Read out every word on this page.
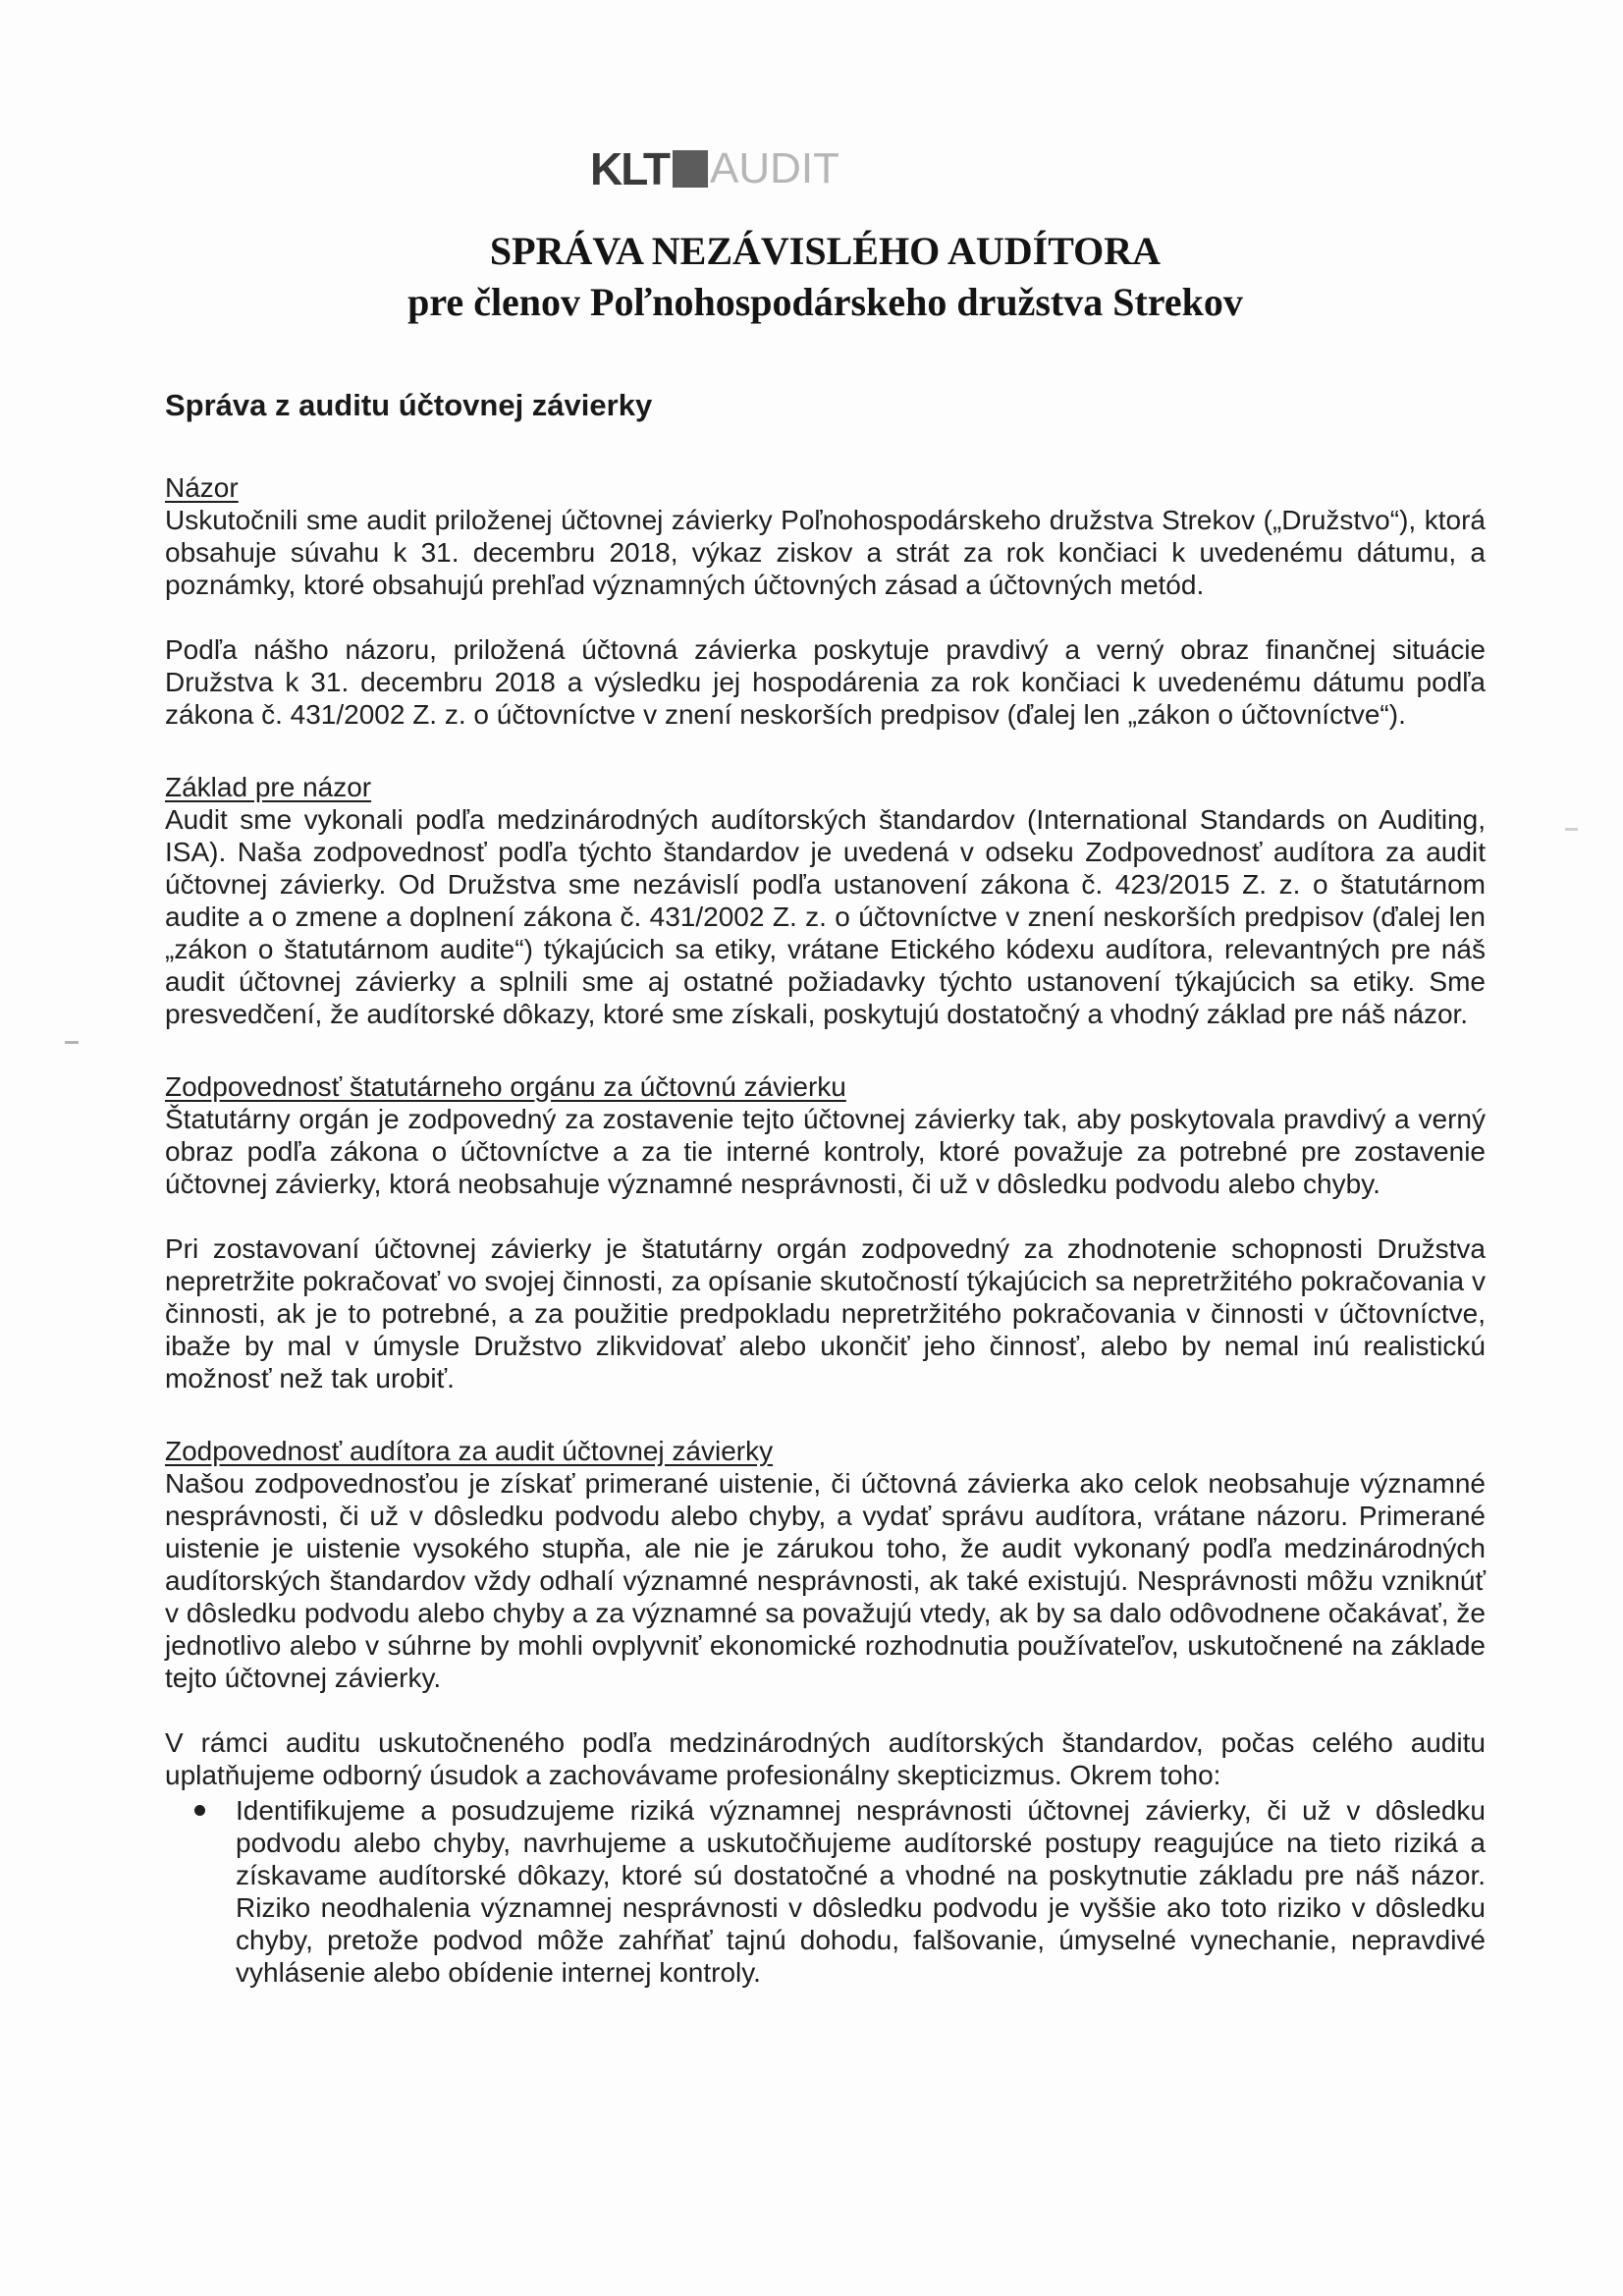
KLT AUDIT
SPRÁVA NEZÁVISLÉHO AUDÍTORA
pre členov Poľnohospodárskeho družstva Strekov
Správa z auditu účtovnej závierky
Názor

Uskutočnili sme audit priloženej účtovnej závierky Poľnohospodárskeho družstva Strekov („Družstvo“), ktorá obsahuje súvahu k 31. decembru 2018, výkaz ziskov a strát za rok končiaci k uvedenému dátumu, a poznámky, ktoré obsahujú prehľad významných účtovných zásad a účtovných metód.

Podľa nášho názoru, priložená účtovná závierka poskytuje pravdivý a verný obraz finančnej situácie Družstva k 31. decembru 2018 a výsledku jej hospodárenia za rok končiaci k uvedenému dátumu podľa zákona č. 431/2002 Z. z. o účtovníctve v znení neskorších predpisov (ďalej len „zákon o účtovníctve“).

Základ pre názor

Audit sme vykonali podľa medzinárodných audítorských štandardov (International Standards on Auditing, ISA). Naša zodpovednosť podľa týchto štandardov je uvedená v odseku Zodpovednosť audítora za audit účtovnej závierky. Od Družstva sme nezávislí podľa ustanovení zákona č. 423/2015 Z. z. o štatutárnom audite a o zmene a doplnení zákona č. 431/2002 Z. z. o účtovníctve v znení neskorších predpisov (ďalej len „zákon o štatutárnom audite“) týkajúcich sa etiky, vrátane Etického kódexu audítora, relevantných pre náš audit účtovnej závierky a splnili sme aj ostatné požiadavky týchto ustanovení týkajúcich sa etiky. Sme presvedčení, že audítorské dôkazy, ktoré sme získali, poskytujú dostatočný a vhodný základ pre náš názor.

Zodpovednosť štatutárneho orgánu za účtovnú závierku

Štatutárny orgán je zodpovedný za zostavenie tejto účtovnej závierky tak, aby poskytovala pravdivý a verný obraz podľa zákona o účtovníctve a za tie interné kontroly, ktoré považuje za potrebné pre zostavenie účtovnej závierky, ktorá neobsahuje významné nesprávnosti, či už v dôsledku podvodu alebo chyby.

Pri zostavovaní účtovnej závierky je štatutárny orgán zodpovedný za zhodnotenie schopnosti Družstva nepretržite pokračovať vo svojej činnosti, za opísanie skutočností týkajúcich sa nepretržitého pokračovania v činnosti, ak je to potrebné, a za použitie predpokladu nepretržitého pokračovania v činnosti v účtovníctve, ibaže by mal v úmysle Družstvo zlikvidovať alebo ukončiť jeho činnosť, alebo by nemal inú realistickú možnosť než tak urobiť.

Zodpovednosť audítora za audit účtovnej závierky

Našou zodpovednosťou je získať primerané uistenie, či účtovná závierka ako celok neobsahuje významné nesprávnosti, či už v dôsledku podvodu alebo chyby, a vydať správu audítora, vrátane názoru. Primerané uistenie je uistenie vysokého stupňa, ale nie je zárukou toho, že audit vykonaný podľa medzinárodných audítorských štandardov vždy odhalí významné nesprávnosti, ak také existujú. Nesprávnosti môžu vzniknúť v dôsledku podvodu alebo chyby a za významné sa považujú vtedy, ak by sa dalo odôvodnene očakávať, že jednotlivo alebo v súhrne by mohli ovplyvniť ekonomické rozhodnutia používateľov, uskutočnené na základe tejto účtovnej závierky.

V rámci auditu uskutočneného podľa medzinárodných audítorských štandardov, počas celého auditu uplatňujeme odborný úsudok a zachovávame profesionálny skepticizmus. Okrem toho:

Identifikujeme a posudzujeme riziká významnej nesprávnosti účtovnej závierky, či už v dôsledku podvodu alebo chyby, navrhujeme a uskutočňujeme audítorské postupy reagujúce na tieto riziká a získavame audítorské dôkazy, ktoré sú dostatočné a vhodné na poskytnutie základu pre náš názor. Riziko neodhalenia významnej nesprávnosti v dôsledku podvodu je vyššie ako toto riziko v dôsledku chyby, pretože podvod môže zahŕňať tajnú dohodu, falšovanie, úmyselné vynechanie, nepravdivé vyhlásenie alebo obídenie internej kontroly.
